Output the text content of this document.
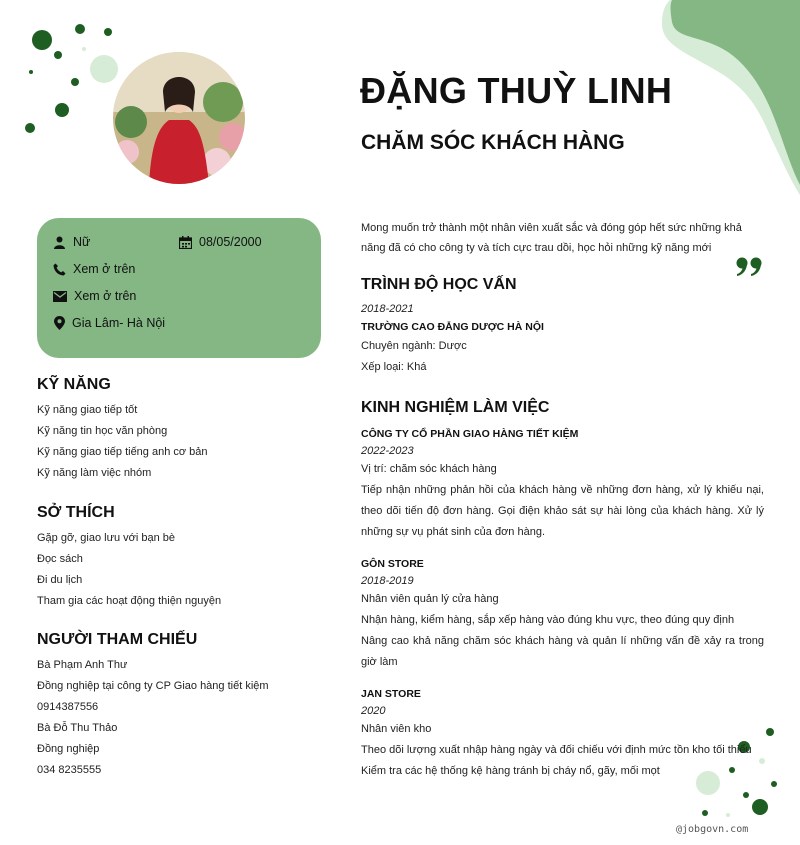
ĐẶNG THUỲ LINH
CHĂM SÓC KHÁCH HÀNG
Nữ	08/05/2000
Xem ở trên
Xem ở trên
Gia Lâm- Hà Nội
KỸ NĂNG
Kỹ năng giao tiếp tốt
Kỹ năng tin học văn phòng
Kỹ năng giao tiếp tiếng anh cơ bản
Kỹ năng làm việc nhóm
SỞ THÍCH
Gặp gỡ, giao lưu với bạn bè
Đọc sách
Đi du lịch
Tham gia các hoạt động thiện nguyện
NGƯỜI THAM CHIẾU
Bà Phạm Anh Thư
Đồng nghiệp tại công ty CP Giao hàng tiết kiệm
0914387556
Bà Đỗ Thu Thảo
Đồng nghiệp
034 8235555
Mong muốn trở thành một nhân viên xuất sắc và đóng góp hết sức những khả năng đã có cho công ty và tích cực trau dồi, học hỏi những kỹ năng mới
TRÌNH ĐỘ HỌC VẤN
2018-2021
TRƯỜNG CAO ĐẲNG DƯỢC HÀ NỘI
Chuyên ngành: Dược
Xếp loại: Khá
KINH NGHIỆM LÀM VIỆC
CÔNG TY CỔ PHẦN GIAO HÀNG TIẾT KIỆM
2022-2023
Vị trí: chăm sóc khách hàng
Tiếp nhận những phản hồi của khách hàng về những đơn hàng, xử lý khiếu nại, theo dõi tiến độ đơn hàng. Gọi điện khảo sát sự hài lòng của khách hàng. Xử lý những sự vụ phát sinh của đơn hàng.
GÔN STORE
2018-2019
Nhân viên quản lý cửa hàng
Nhận hàng, kiểm hàng, sắp xếp hàng vào đúng khu vực, theo đúng quy định
Nâng cao khả năng chăm sóc khách hàng và quản lí những vấn đề xảy ra trong giờ làm
JAN STORE
2020
Nhân viên kho
Theo dõi lượng xuất nhập hàng ngày và đối chiếu với định mức tồn kho tối thiểu
Kiểm tra các hệ thống kệ hàng tránh bị cháy nổ, gãy, mối mọt
@jobgovn.com
